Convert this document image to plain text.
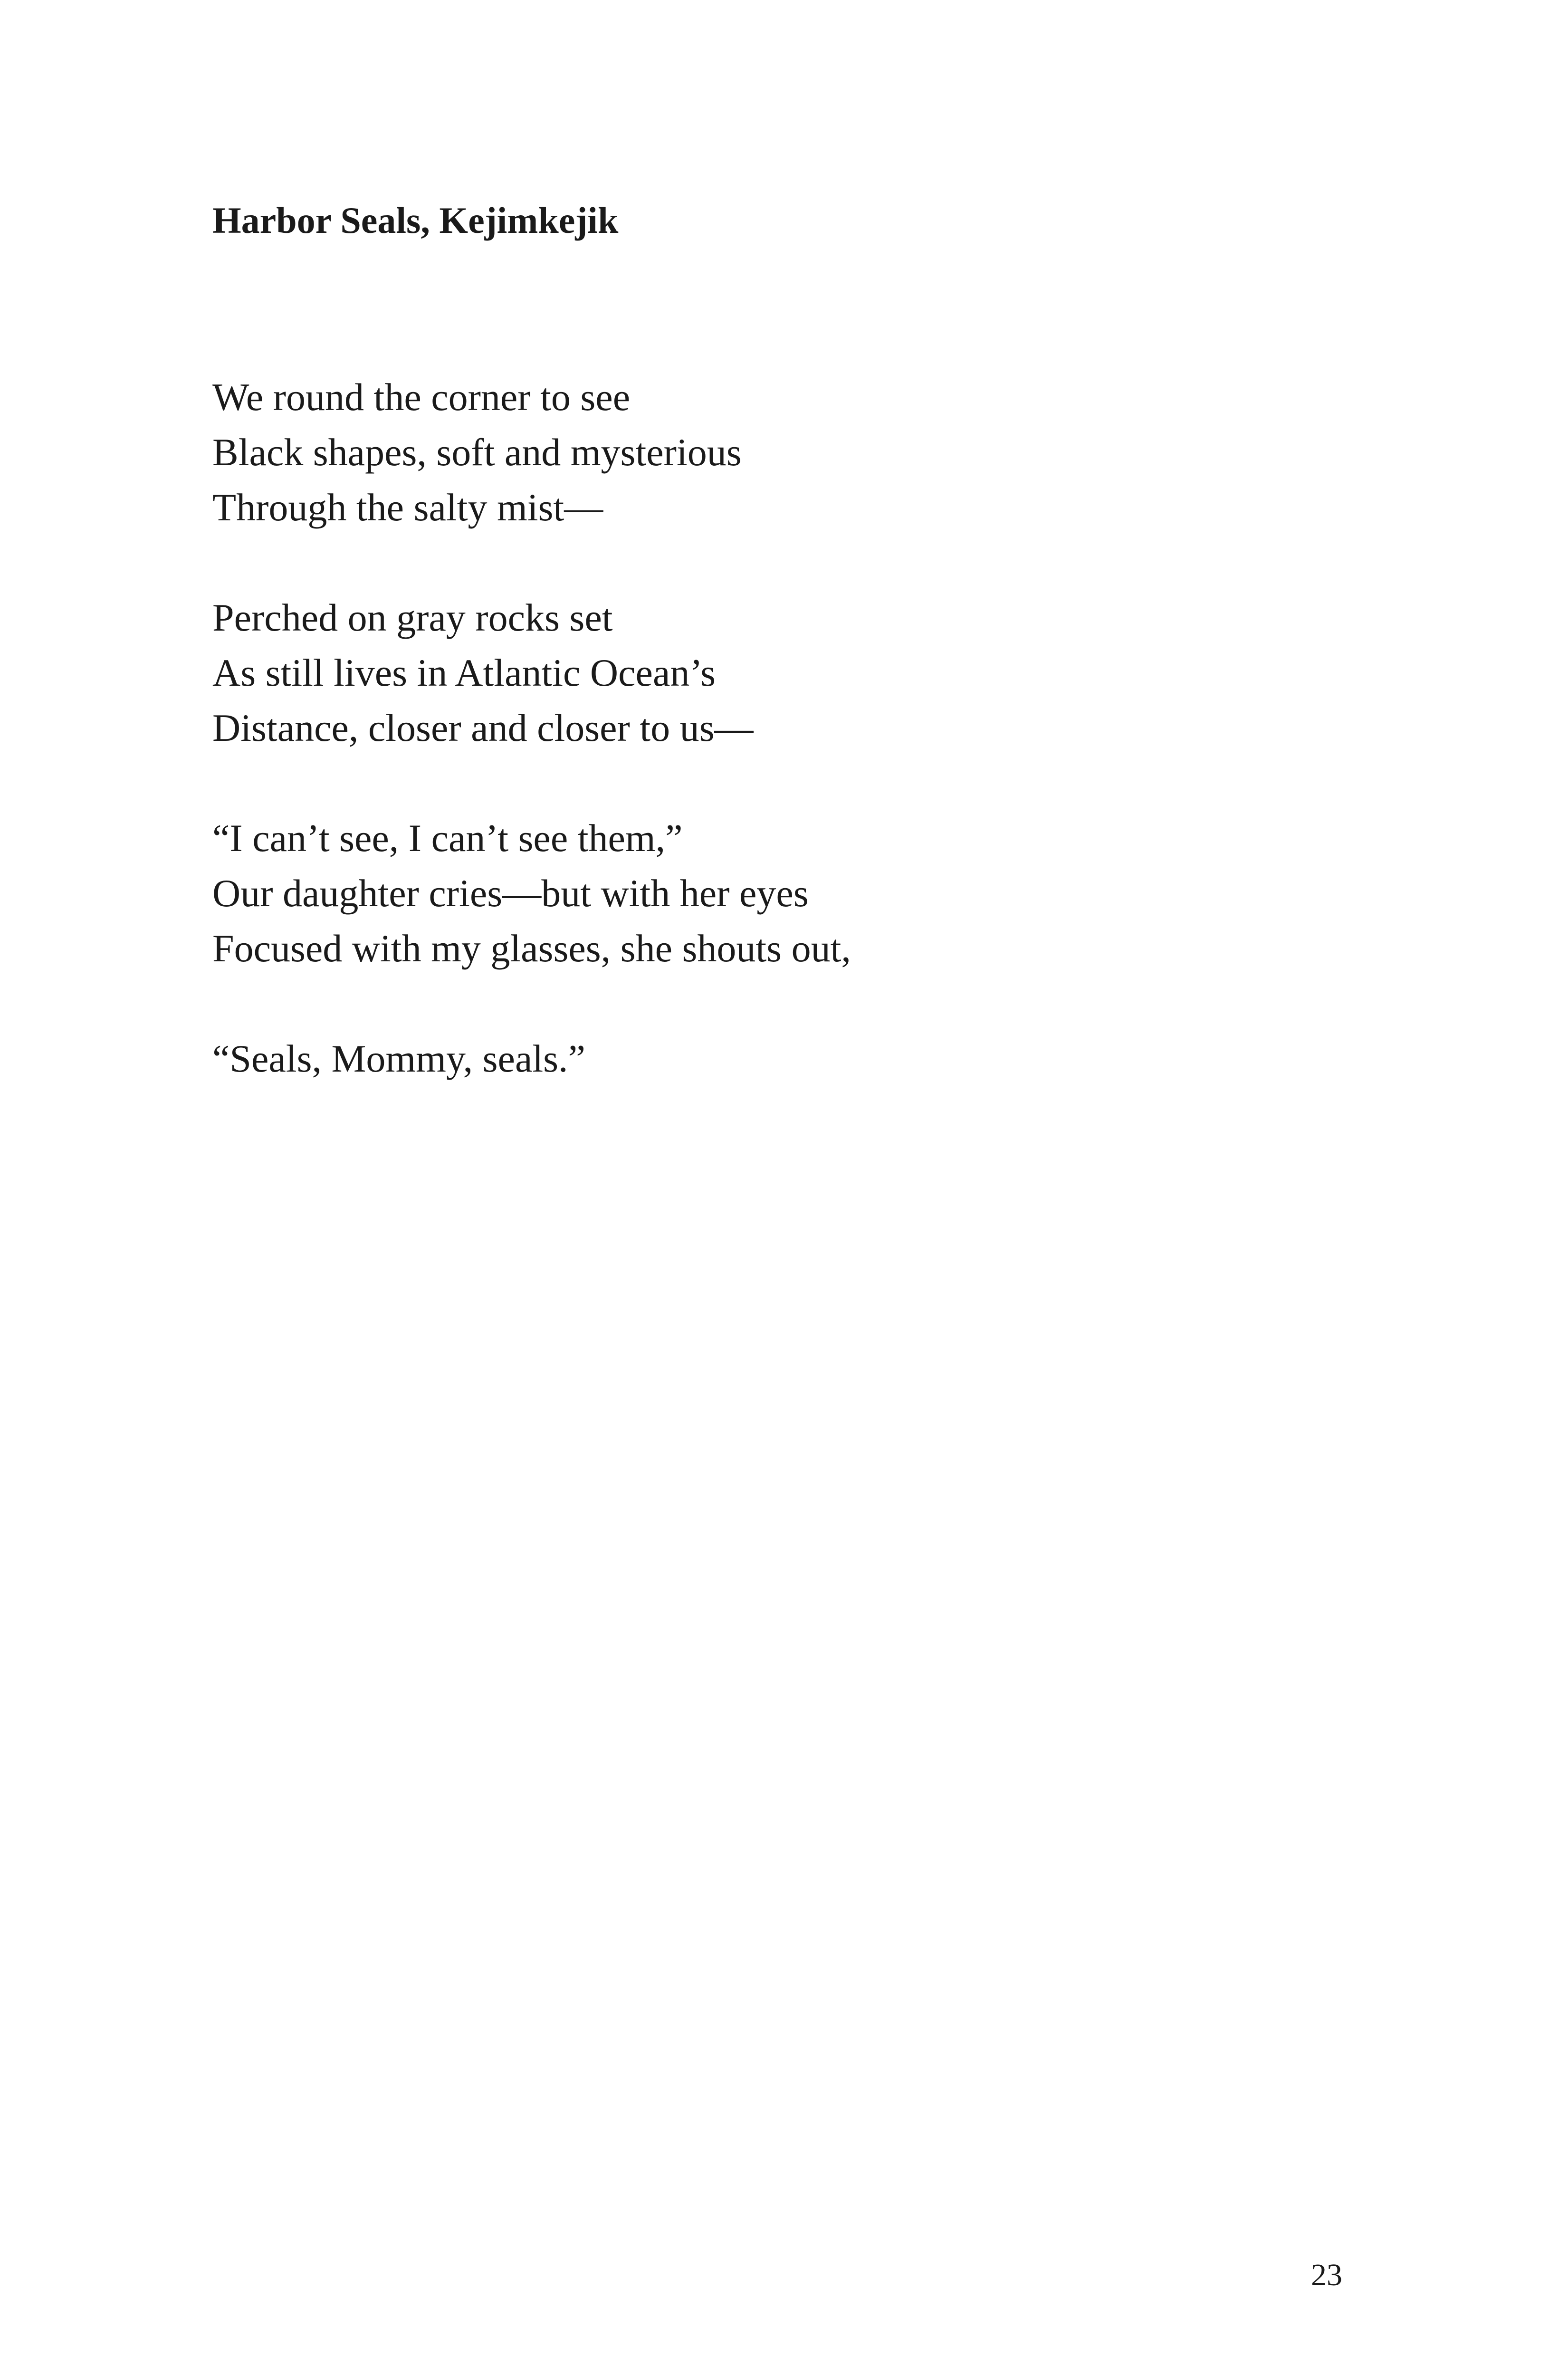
Harbor Seals, Kejimkejik

We round the corner to see
Black shapes, soft and mysterious
Through the salty mist—

Perched on gray rocks set
As still lives in Atlantic Ocean’s
Distance, closer and closer to us—

“I can’t see, I can’t see them,”
Our daughter cries—but with her eyes
Focused with my glasses, she shouts out,

“Seals, Mommy, seals.”

23
